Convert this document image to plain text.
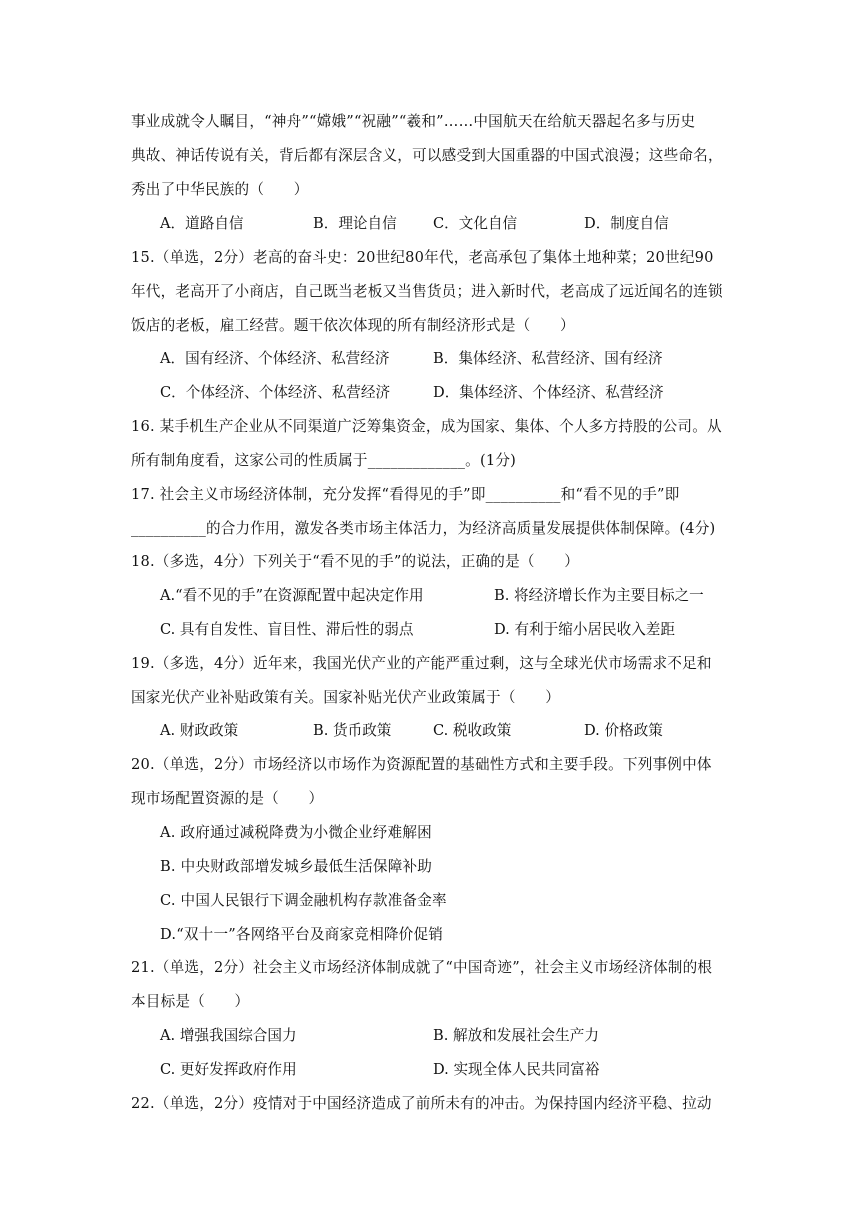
事业成就令人瞩目，“神舟”“嫦娥”“祝融”“羲和”……中国航天在给航天器起名多与历史
典故、神话传说有关，背后都有深层含义，可以感受到大国重器的中国式浪漫；这些命名，
秀出了中华民族的（　　）
A．道路自信	B．理论自信 C．文化自信	D．制度自信
15.（单选，2分）老高的奋斗史：20世纪80年代，老高承包了集体土地种菜；20世纪90
年代，老高开了小商店，自己既当老板又当售货员；进入新时代，老高成了远近闻名的连锁
饭店的老板，雇工经营。题干依次体现的所有制经济形式是（　　）
A．国有经济、个体经济、私营经济	B．集体经济、私营经济、国有经济
C．个体经济、个体经济、私营经济	D．集体经济、个体经济、私营经济
16. 某手机生产企业从不同渠道广泛筹集资金，成为国家、集体、个人多方持股的公司。从
所有制角度看，这家公司的性质属于_____________。(1分)
17. 社会主义市场经济体制，充分发挥“看得见的手”即__________和“看不见的手”即
__________的合力作用，激发各类市场主体活力，为经济高质量发展提供体制保障。(4分)
18.（多选，4分）下列关于“看不见的手”的说法，正确的是（　　）
A.“看不见的手”在资源配置中起决定作用	B. 将经济增长作为主要目标之一
C. 具有自发性、盲目性、滞后性的弱点	D. 有利于缩小居民收入差距
19.（多选，4分）近年来，我国光伏产业的产能严重过剩，这与全球光伏市场需求不足和
国家光伏产业补贴政策有关。国家补贴光伏产业政策属于（　　）
A. 财政政策	B. 货币政策	C. 税收政策	D. 价格政策
20.（单选，2分）市场经济以市场作为资源配置的基础性方式和主要手段。下列事例中体
现市场配置资源的是（　　）
A. 政府通过减税降费为小微企业纾难解困
B. 中央财政部增发城乡最低生活保障补助
C. 中国人民银行下调金融机构存款准备金率
D.“双十一”各网络平台及商家竞相降价促销
21.（单选，2分）社会主义市场经济体制成就了“中国奇迹”，社会主义市场经济体制的根
本目标是（　　）
A. 增强我国综合国力	B. 解放和发展社会生产力
C. 更好发挥政府作用	D. 实现全体人民共同富裕
22.（单选，2分）疫情对于中国经济造成了前所未有的冲击。为保持国内经济平稳、拉动
